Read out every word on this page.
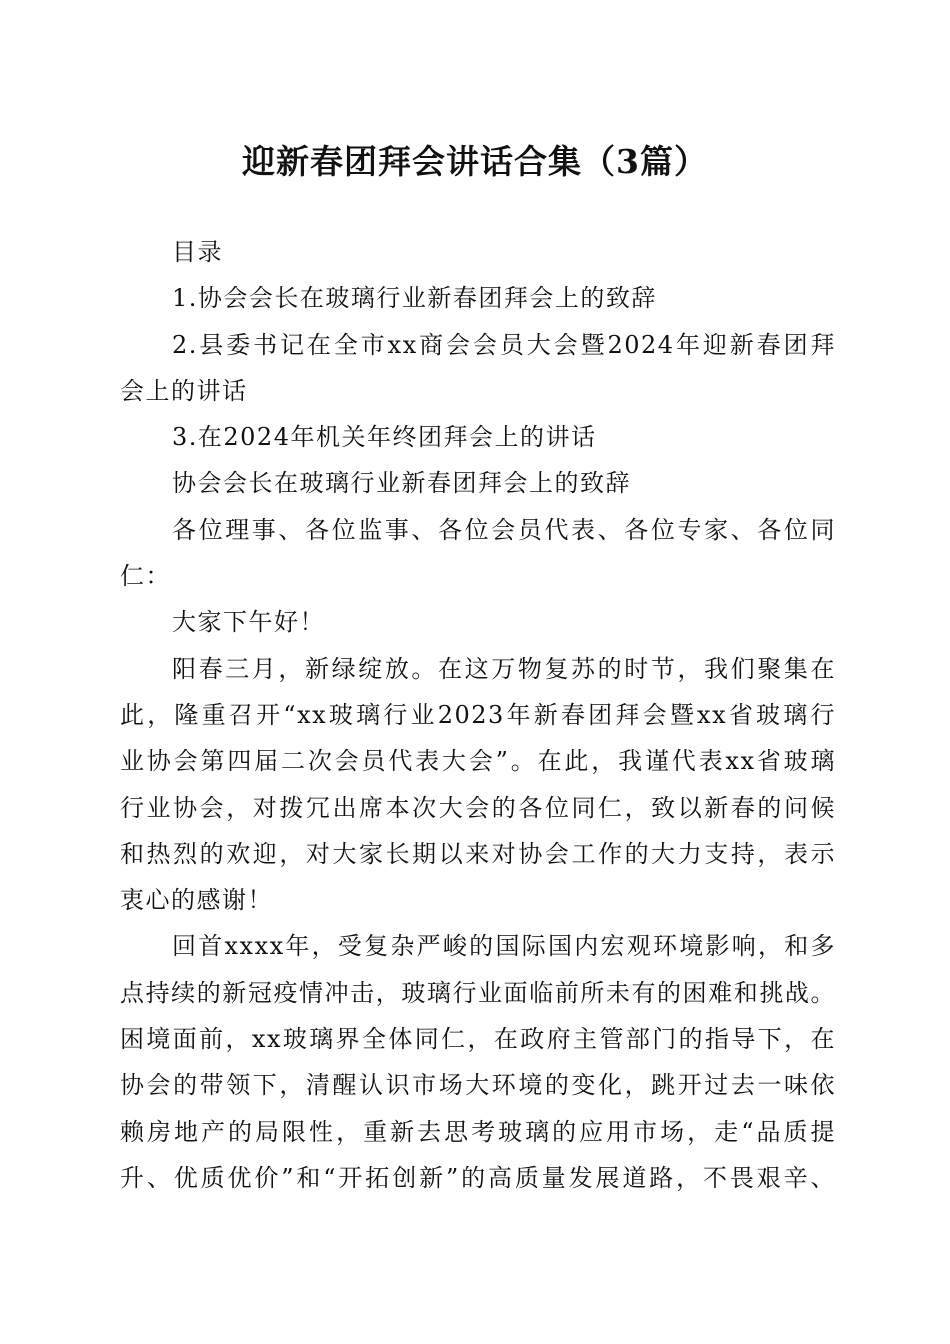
迎新春团拜会讲话合集（3篇）
目录
1.协会会长在玻璃行业新春团拜会上的致辞
2.县委书记在全市xx商会会员大会暨2024年迎新春团拜
会上的讲话
3.在2024年机关年终团拜会上的讲话
协会会长在玻璃行业新春团拜会上的致辞
各位理事、各位监事、各位会员代表、各位专家、各位同
仁：
大家下午好！
阳春三月，新绿绽放。在这万物复苏的时节，我们聚集在
此，隆重召开“xx玻璃行业2023年新春团拜会暨xx省玻璃行
业协会第四届二次会员代表大会”。在此，我谨代表xx省玻璃
行业协会，对拨冗出席本次大会的各位同仁，致以新春的问候
和热烈的欢迎，对大家长期以来对协会工作的大力支持，表示
衷心的感谢！
回首xxxx年，受复杂严峻的国际国内宏观环境影响，和多
点持续的新冠疫情冲击，玻璃行业面临前所未有的困难和挑战。
困境面前，xx玻璃界全体同仁，在政府主管部门的指导下，在
协会的带领下，清醒认识市场大环境的变化，跳开过去一味依
赖房地产的局限性，重新去思考玻璃的应用市场，走“品质提
升、优质优价”和“开拓创新”的高质量发展道路，不畏艰辛、
